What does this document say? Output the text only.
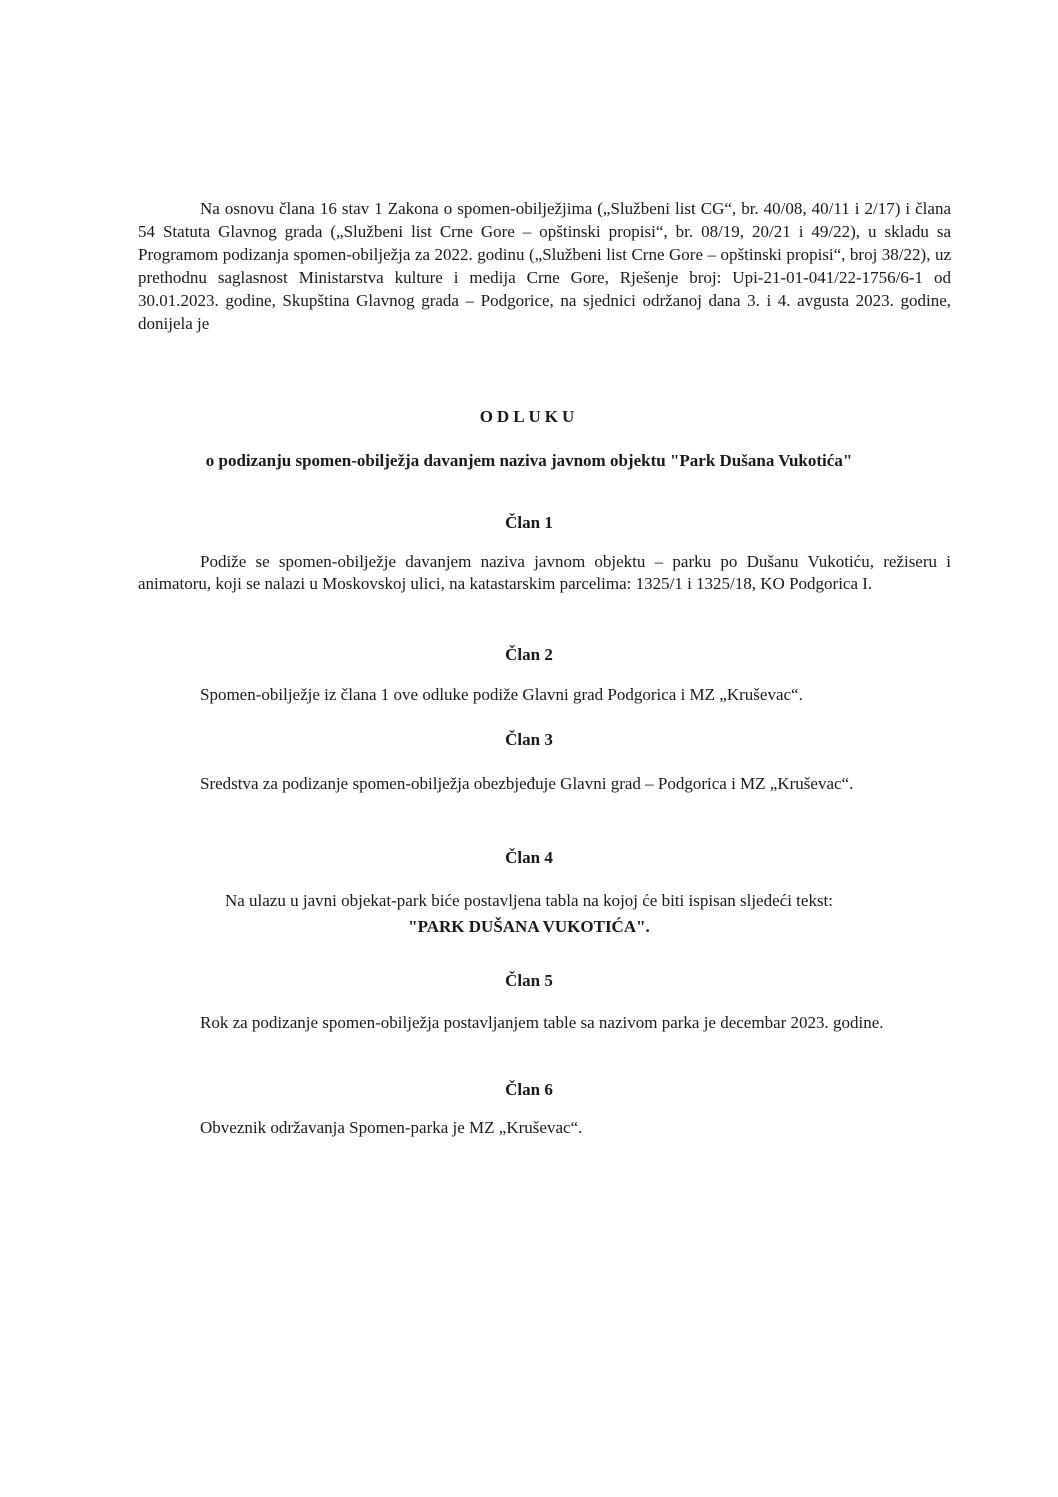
Na osnovu člana 16 stav 1 Zakona o spomen-obilježjima („Službeni list CG“, br. 40/08, 40/11 i 2/17) i člana 54 Statuta Glavnog grada („Službeni list Crne Gore – opštinski propisi“, br. 08/19, 20/21 i 49/22), u skladu sa Programom podizanja spomen-obilježja za 2022. godinu („Službeni list Crne Gore – opštinski propisi“, broj 38/22), uz prethodnu saglasnost Ministarstva kulture i medija Crne Gore, Rješenje broj: Upi-21-01-041/22-1756/6-1 od 30.01.2023. godine, Skupština Glavnog grada – Podgorice, na sjednici održanoj dana 3. i 4. avgusta 2023. godine, donijela je

ODLUKU

o podizanju spomen-obilježja davanjem naziva javnom objektu "Park Dušana Vukotića"

Član 1

Podiže se spomen-obilježje davanjem naziva javnom objektu – parku po Dušanu Vukotiću, režiseru i animatoru, koji se nalazi u Moskovskoj ulici, na katastarskim parcelima: 1325/1 i 1325/18, KO Podgorica I.

Član 2

Spomen-obilježje iz člana 1 ove odluke podiže Glavni grad Podgorica i MZ „Kruševac“.

Član 3

Sredstva za podizanje spomen-obilježja obezbjeđuje Glavni grad – Podgorica i MZ „Kruševac“.

Član 4

Na ulazu u javni objekat-park biće postavljena tabla na kojoj će biti ispisan sljedeći tekst:

"PARK DUŠANA VUKOTIĆA".

Član 5

Rok za podizanje spomen-obilježja postavljanjem table sa nazivom parka je decembar 2023. godine.

Član 6

Obveznik održavanja Spomen-parka je MZ „Kruševac“.
